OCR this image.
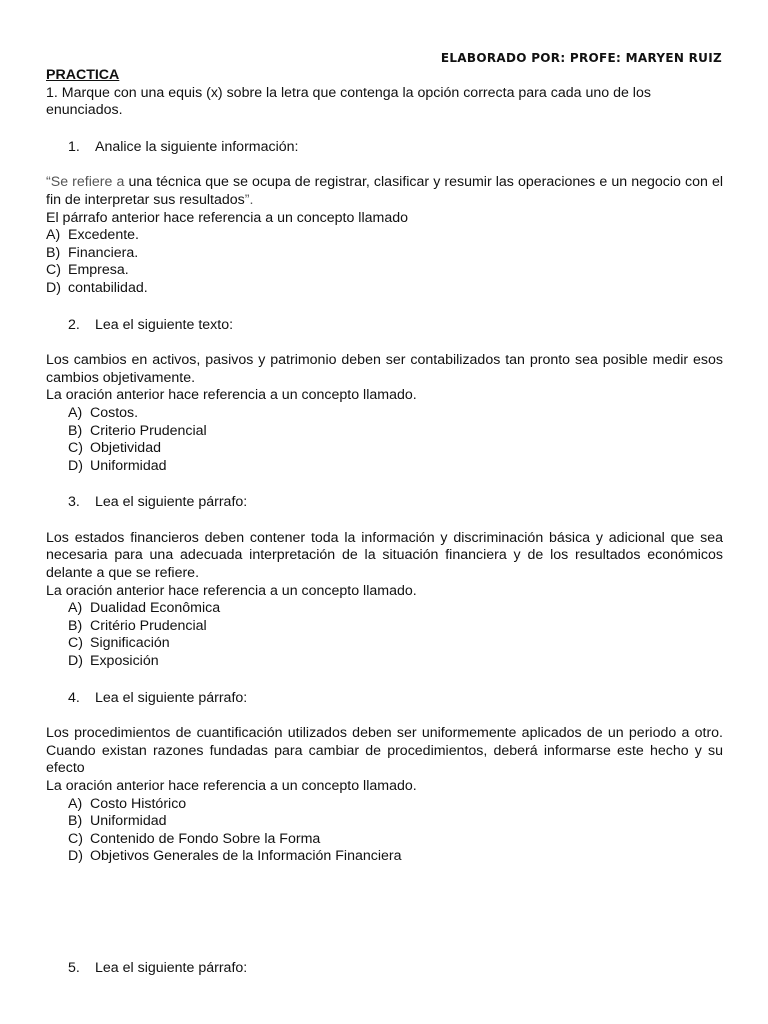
ELABORADO POR: PROFE: MARYEN RUIZ
PRACTICA

1. Marque con una equis (x) sobre la letra que contenga la opción correcta para cada uno de los enunciados.

1. Analice la siguiente información:

“Se refiere a una técnica que se ocupa de registrar, clasificar y resumir las operaciones e un negocio con el fin de interpretar sus resultados”.

El párrafo anterior hace referencia a un concepto llamado

A) Excedente.
B) Financiera.
C) Empresa.
D) contabilidad.
2. Lea el siguiente texto:

Los cambios en activos, pasivos y patrimonio deben ser contabilizados tan pronto sea posible medir esos cambios objetivamente.

La oración anterior hace referencia a un concepto llamado.

A) Costos.
B) Criterio Prudencial
C) Objetividad
D) Uniformidad
3. Lea el siguiente párrafo:

Los estados financieros deben contener toda la información y discriminación básica y adicional que sea necesaria para una adecuada interpretación de la situación financiera y de los resultados económicos delante a que se refiere.

La oración anterior hace referencia a un concepto llamado.

A) Dualidad Econômica
B) Critério Prudencial
C) Significación
D) Exposición
4. Lea el siguiente párrafo:

Los procedimientos de cuantificación utilizados deben ser uniformemente aplicados de un periodo a otro. Cuando existan razones fundadas para cambiar de procedimientos, deberá informarse este hecho y su efecto

La oración anterior hace referencia a un concepto llamado.

A) Costo Histórico
B) Uniformidad
C) Contenido de Fondo Sobre la Forma
D) Objetivos Generales de la Información Financiera
5. Lea el siguiente párrafo:
